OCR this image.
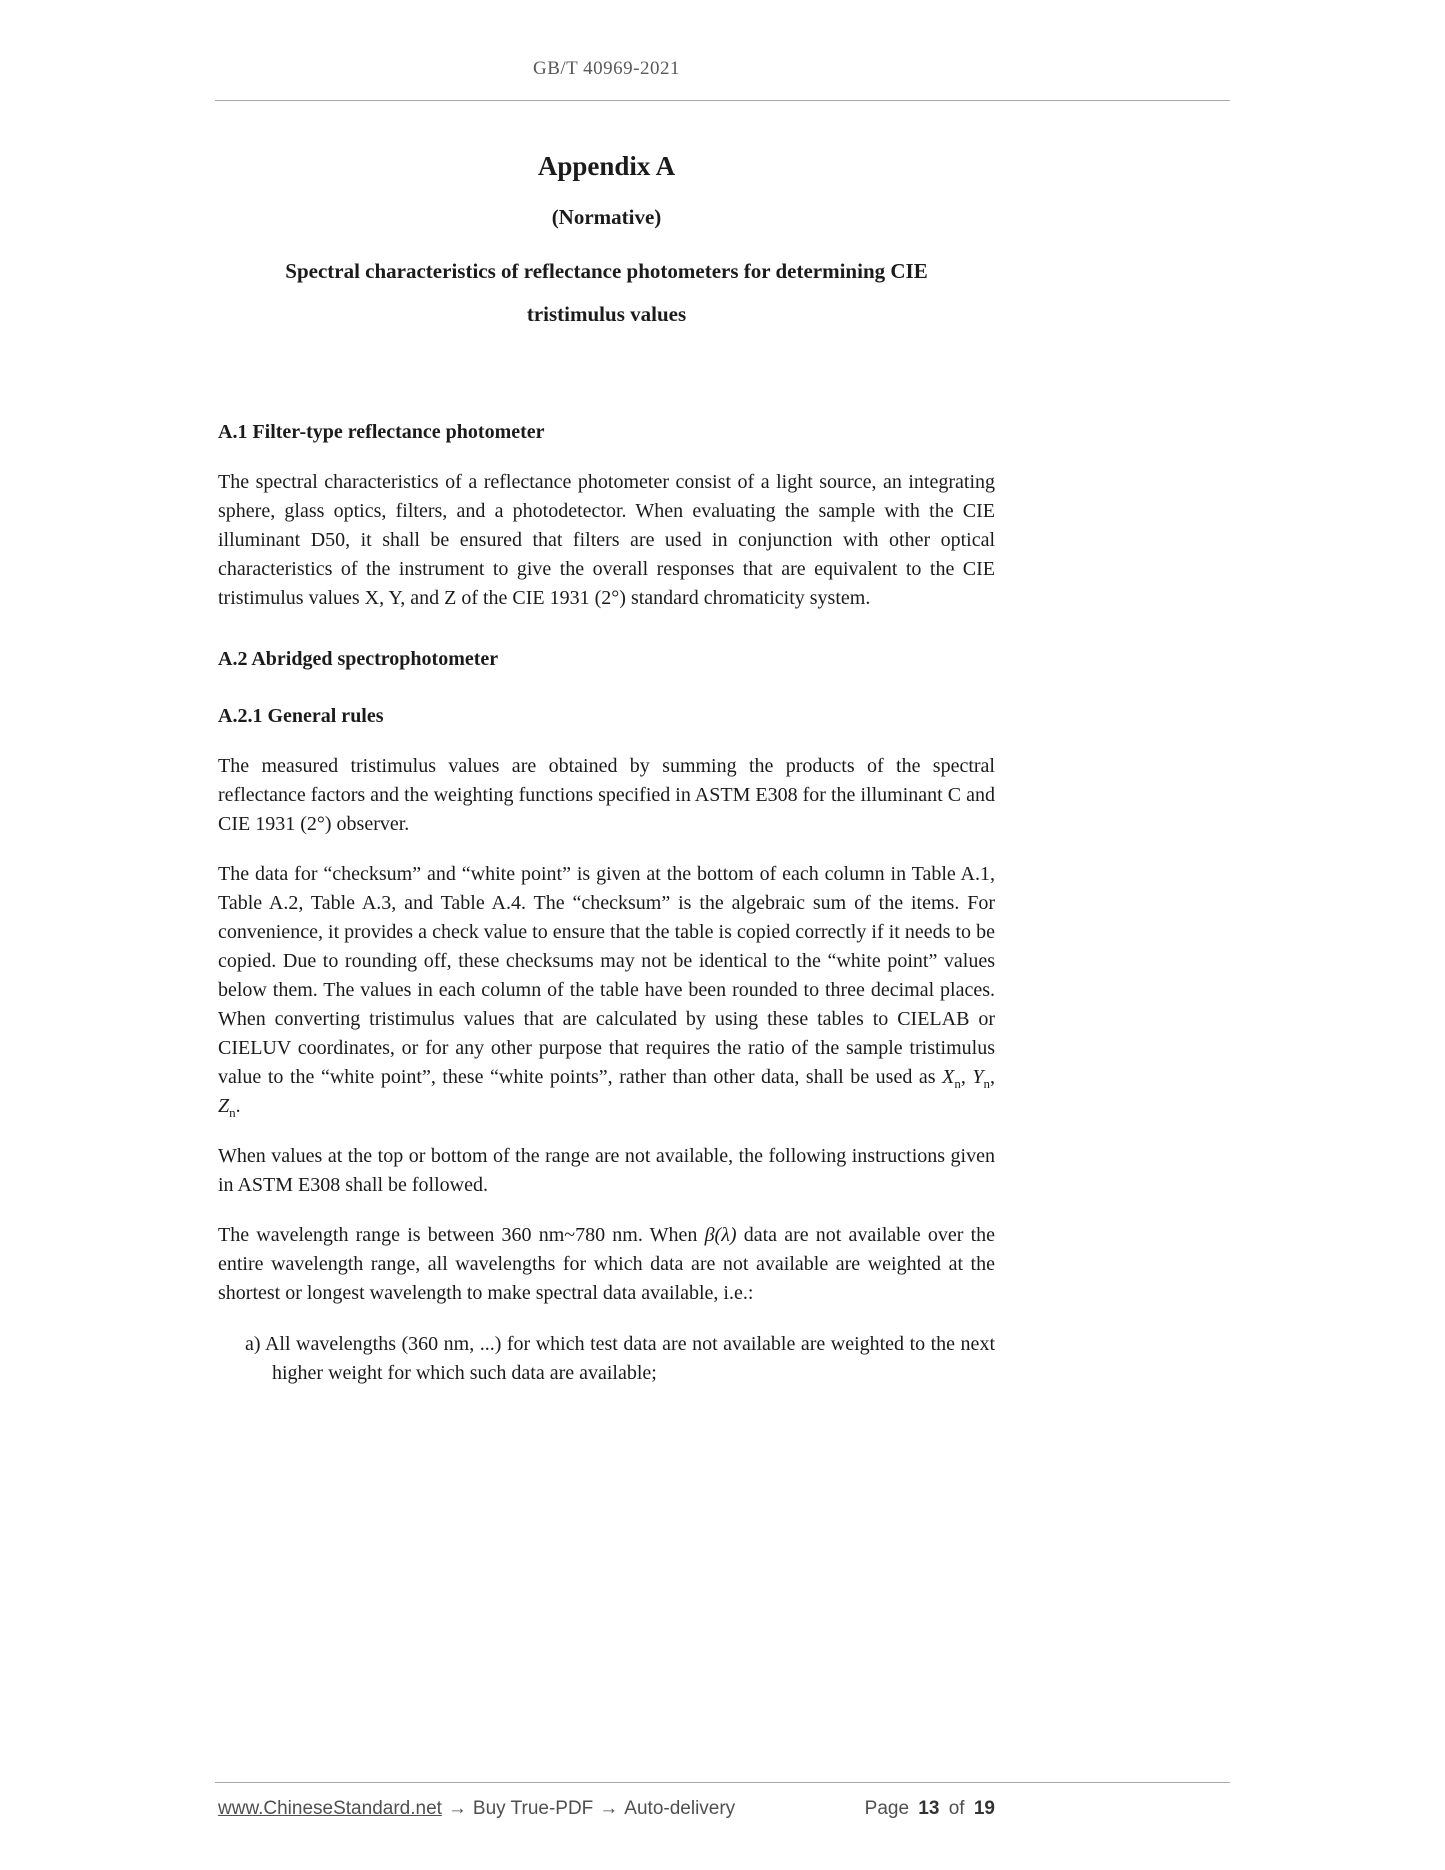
GB/T 40969-2021
Appendix A
(Normative)
Spectral characteristics of reflectance photometers for determining CIE
tristimulus values
A.1 Filter-type reflectance photometer

The spectral characteristics of a reflectance photometer consist of a light source, an integrating sphere, glass optics, filters, and a photodetector. When evaluating the sample with the CIE illuminant D50, it shall be ensured that filters are used in conjunction with other optical characteristics of the instrument to give the overall responses that are equivalent to the CIE tristimulus values X, Y, and Z of the CIE 1931 (2°) standard chromaticity system.

A.2 Abridged spectrophotometer
A.2.1 General rules

The measured tristimulus values are obtained by summing the products of the spectral reflectance factors and the weighting functions specified in ASTM E308 for the illuminant C and CIE 1931 (2°) observer.

The data for “checksum” and “white point” is given at the bottom of each column in Table A.1, Table A.2, Table A.3, and Table A.4. The “checksum” is the algebraic sum of the items. For convenience, it provides a check value to ensure that the table is copied correctly if it needs to be copied. Due to rounding off, these checksums may not be identical to the “white point” values below them. The values in each column of the table have been rounded to three decimal places. When converting tristimulus values that are calculated by using these tables to CIELAB or CIELUV coordinates, or for any other purpose that requires the ratio of the sample tristimulus value to the “white point”, these “white points”, rather than other data, shall be used as $X_n$, $Y_n$, $Z_n$.

When values at the top or bottom of the range are not available, the following instructions given in ASTM E308 shall be followed.

The wavelength range is between 360 nm~780 nm. When β(λ) data are not available over the entire wavelength range, all wavelengths for which data are not available are weighted at the shortest or longest wavelength to make spectral data available, i.e.:

a) All wavelengths (360 nm, ...) for which test data are not available are weighted to the next higher weight for which such data are available;

www.ChineseStandard.net → Buy True-PDF → Auto-delivery	Page 13 of 19
